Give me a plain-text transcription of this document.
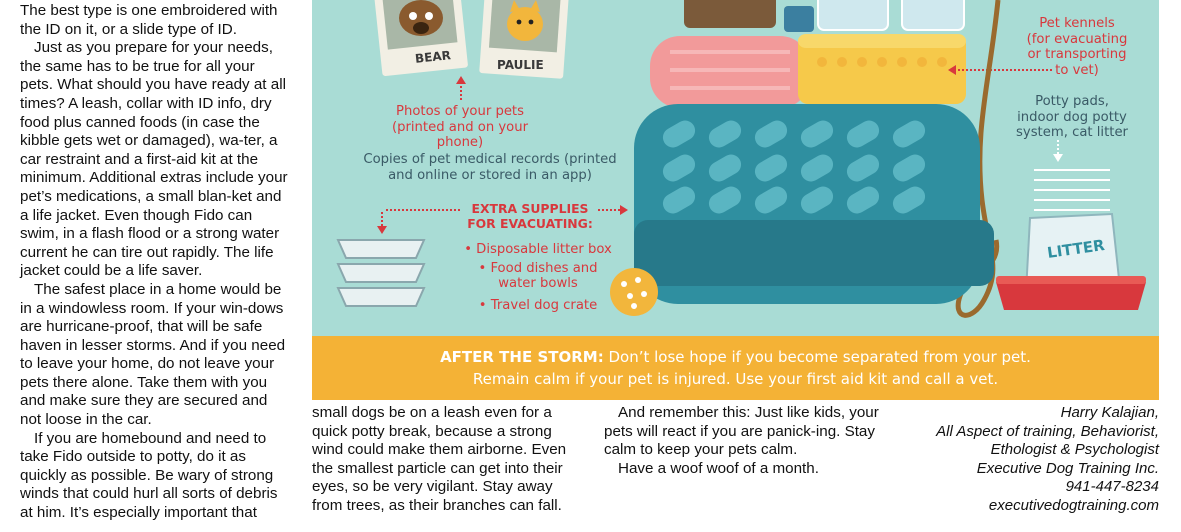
The best type is one embroidered with the ID on it, or a slide type of ID.

Just as you prepare for your needs, the same has to be true for all your pets. What should you have ready at all times? A leash, collar with ID info, dry food plus canned foods (in case the kibble gets wet or damaged), wa-ter, a car restraint and a first-aid kit at the minimum. Additional extras include your pet’s medications, a small blan-ket and a life jacket. Even though Fido can swim, in a flash flood or a strong water current he can tire out rapidly. The life jacket could be a life saver.

The safest place in a home would be in a windowless room. If your win-dows are hurricane-proof, that will be safe haven in lesser storms. And if you need to leave your home, do not leave your pets there alone. Take them with you and make sure they are secured and not loose in the car.

If you are homebound and need to take Fido outside to potty, do it as quickly as possible. Be wary of strong winds that could hurl all sorts of debris at him. It’s especially important that

BEAR	PAULIE
Photos of your pets
(printed and on your phone)
Copies of pet medical records (printed
and online or stored in an app)
EXTRA SUPPLIES
FOR EVACUATING:
• Disposable litter box
• Food dishes and
water bowls
• Travel dog crate
Pet kennels
(for evacuating
or transporting
to vet)
Potty pads,
indoor dog potty
system, cat litter
LITTER
AFTER THE STORM: Don’t lose hope if you become separated from your pet.
Remain calm if your pet is injured. Use your first aid kit and call a vet.

small dogs be on a leash even for a quick potty break, because a strong wind could make them airborne. Even the smallest particle can get into their eyes, so be very vigilant. Stay away from trees, as their branches can fall.

And remember this: Just like kids, your pets will react if you are panick-ing. Stay calm to keep your pets calm.

Have a woof woof of a month.

Harry Kalajian,
All Aspect of training, Behaviorist,
Ethologist & Psychologist
Executive Dog Training Inc.
941-447-8234
executivedogtraining.com
